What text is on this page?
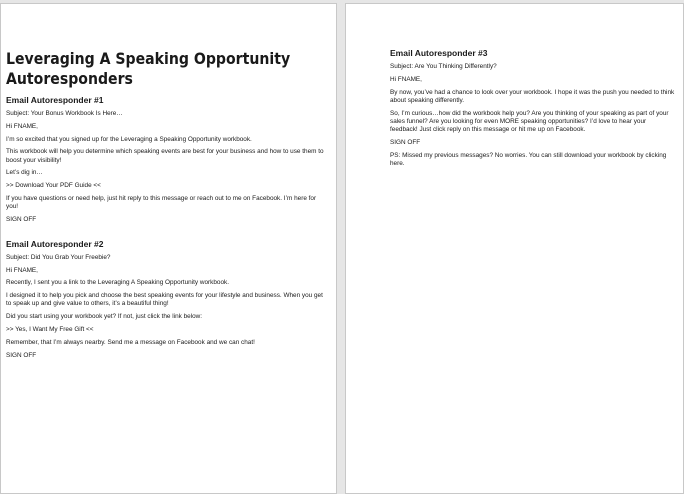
Leveraging A Speaking Opportunity Autoresponders
Email Autoresponder #1

Subject: Your Bonus Workbook Is Here…

Hi FNAME,

I’m so excited that you signed up for the Leveraging a Speaking Opportunity workbook.

This workbook will help you determine which speaking events are best for your business and how to use them to boost your visibility!

Let’s dig in…

>> Download Your PDF Guide <<

If you have questions or need help, just hit reply to this message or reach out to me on Facebook. I’m here for you!

SIGN OFF

Email Autoresponder #2

Subject: Did You Grab Your Freebie?

Hi FNAME,

Recently, I sent you a link to the Leveraging A Speaking Opportunity workbook.

I designed it to help you pick and choose the best speaking events for your lifestyle and business. When you get to speak up and give value to others, it’s a beautiful thing!

Did you start using your workbook yet? If not, just click the link below:

>> Yes, I Want My Free Gift <<

Remember, that I’m always nearby. Send me a message on Facebook and we can chat!

SIGN OFF

Email Autoresponder #3

Subject: Are You Thinking Differently?

Hi FNAME,

By now, you’ve had a chance to look over your workbook. I hope it was the push you needed to think about speaking differently.

So, I’m curious…how did the workbook help you? Are you thinking of your speaking as part of your sales funnel? Are you looking for even MORE speaking opportunities? I’d love to hear your feedback! Just click reply on this message or hit me up on Facebook.

SIGN OFF

PS: Missed my previous messages? No worries. You can still download your workbook by clicking here.
